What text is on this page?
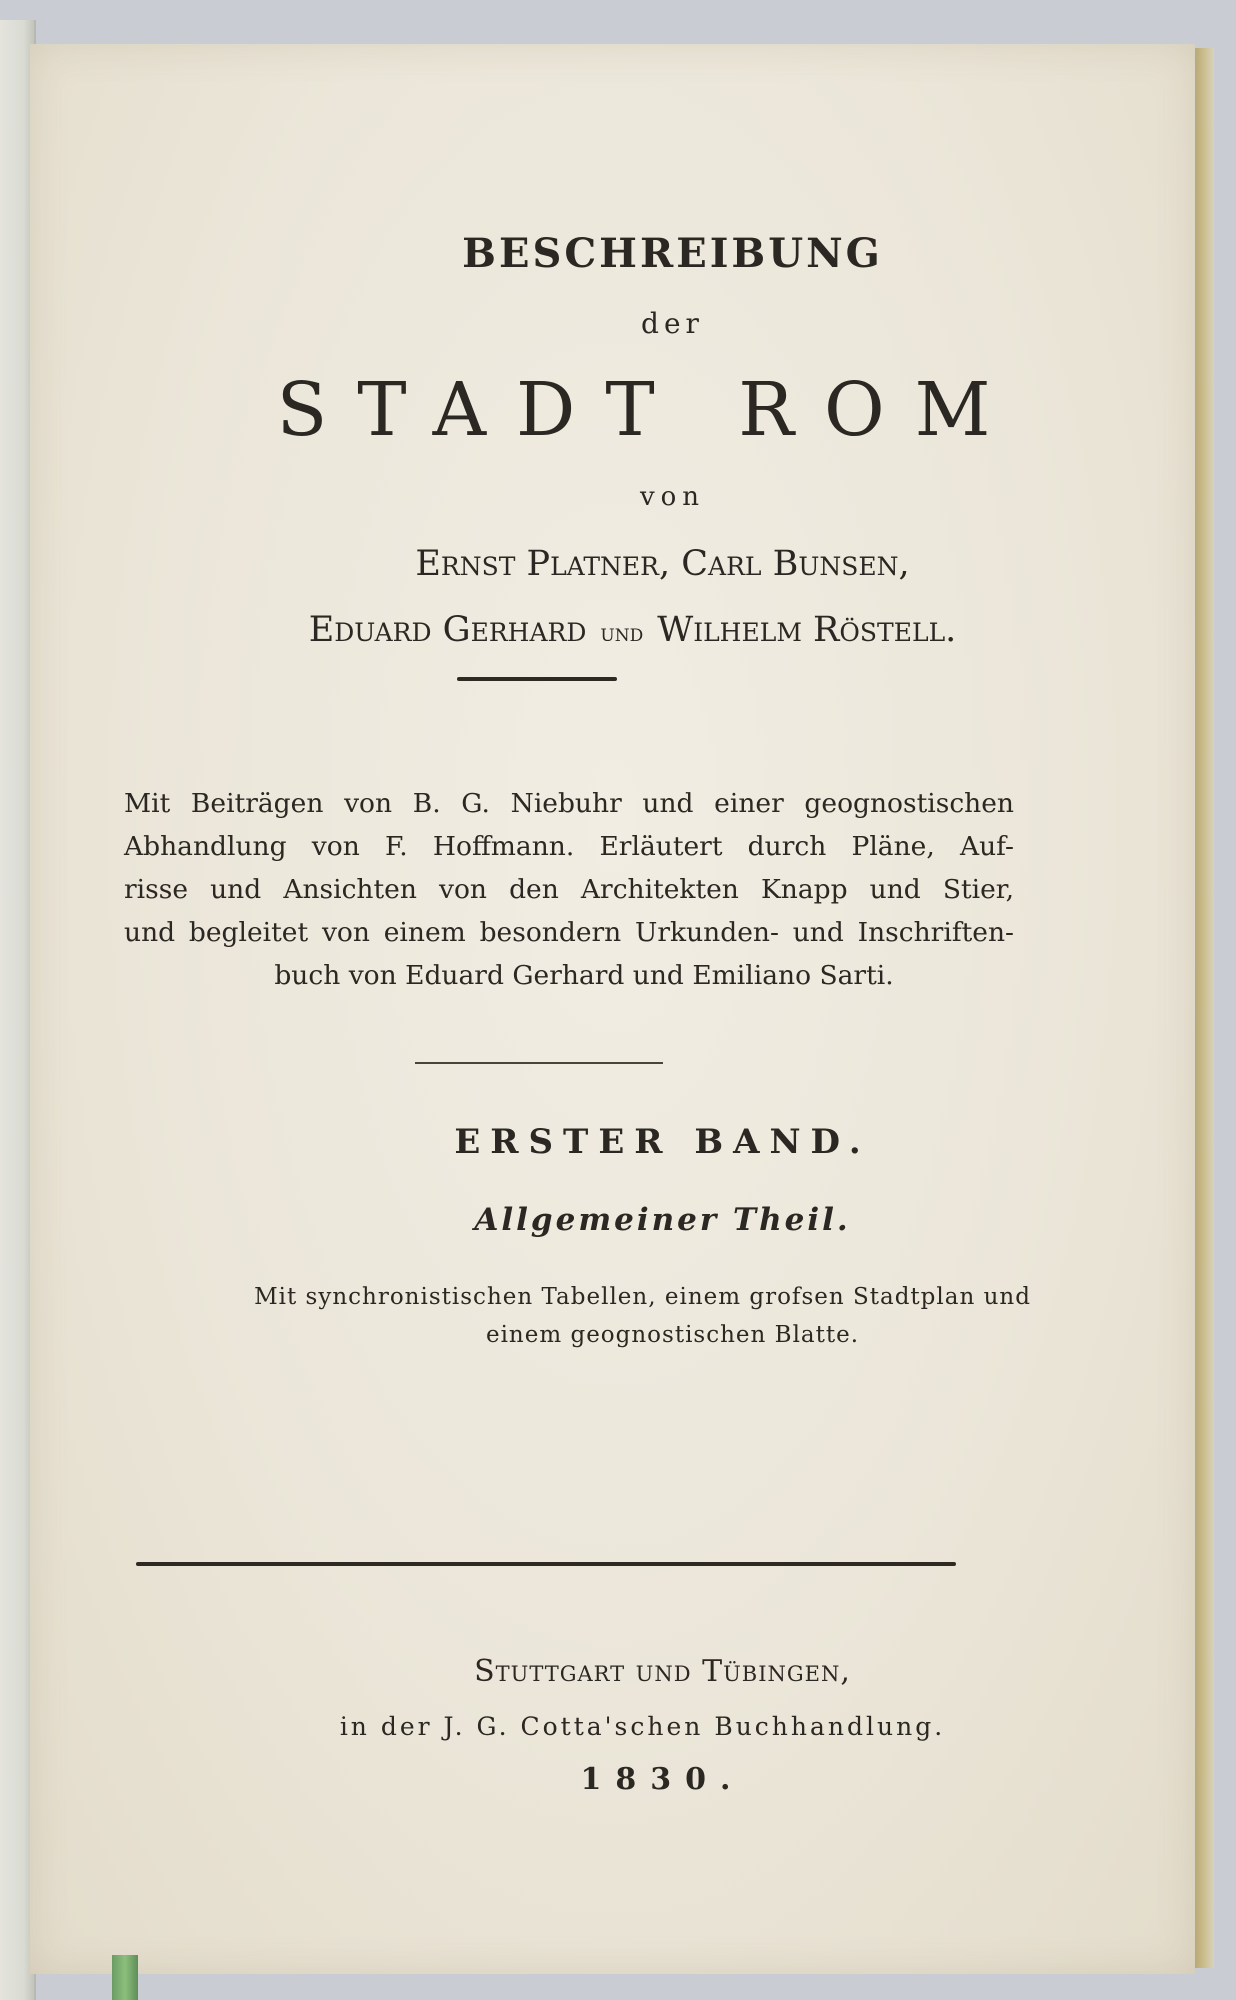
BESCHREIBUNG
der
STADT ROM
von
Ernst Platner, Carl Bunsen,
Eduard Gerhard und Wilhelm Röstell.

Mit Beiträgen von B. G. Niebuhr und einer geognostischen

Abhandlung von F. Hoffmann. Erläutert durch Pläne, Auf-

risse und Ansichten von den Architekten Knapp und Stier,

und begleitet von einem besondern Urkunden- und Inschriften-

buch von Eduard Gerhard und Emiliano Sarti.

ERSTER BAND.
Allgemeiner Theil.
Mit synchronistischen Tabellen, einem grofsen Stadtplan und
einem geognostischen Blatte.
Stuttgart und Tübingen,
in der J. G. Cotta'schen Buchhandlung.
1830.
